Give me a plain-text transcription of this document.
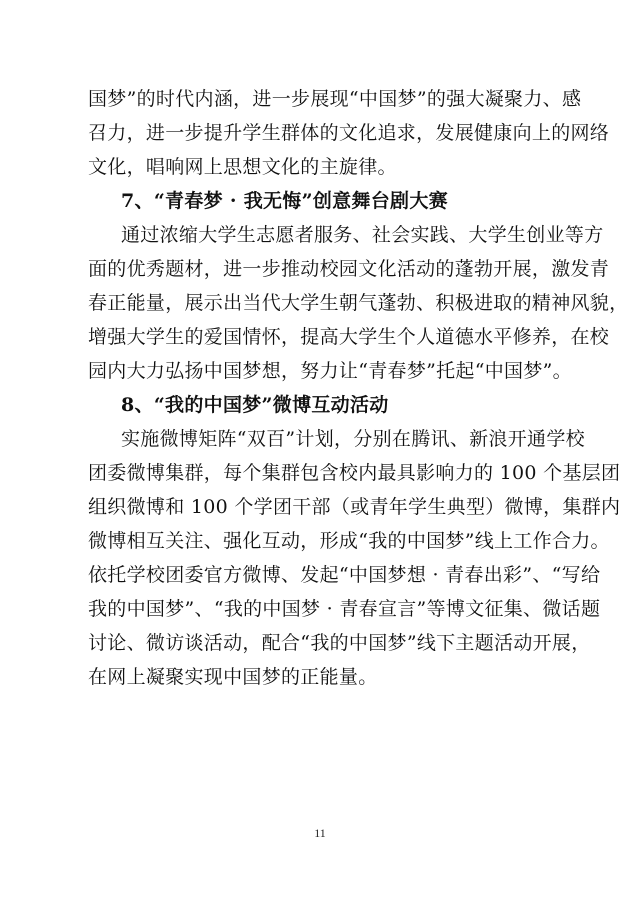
国梦”的时代内涵，进一步展现“中国梦”的强大凝聚力、感
召力，进一步提升学生群体的文化追求，发展健康向上的网络
文化，唱响网上思想文化的主旋律。
7、“青春梦 · 我无悔”创意舞台剧大赛
通过浓缩大学生志愿者服务、社会实践、大学生创业等方
面的优秀题材，进一步推动校园文化活动的蓬勃开展，激发青
春正能量，展示出当代大学生朝气蓬勃、积极进取的精神风貌，
增强大学生的爱国情怀，提高大学生个人道德水平修养，在校
园内大力弘扬中国梦想，努力让“青春梦”托起“中国梦”。
8、“我的中国梦”微博互动活动
实施微博矩阵“双百”计划，分别在腾讯、新浪开通学校
团委微博集群，每个集群包含校内最具影响力的 100 个基层团
组织微博和 100 个学团干部（或青年学生典型）微博，集群内
微博相互关注、强化互动，形成“我的中国梦”线上工作合力。
依托学校团委官方微博、发起“中国梦想 · 青春出彩”、“写给
我的中国梦”、“我的中国梦 · 青春宣言”等博文征集、微话题
讨论、微访谈活动，配合“我的中国梦”线下主题活动开展，
在网上凝聚实现中国梦的正能量。
11
